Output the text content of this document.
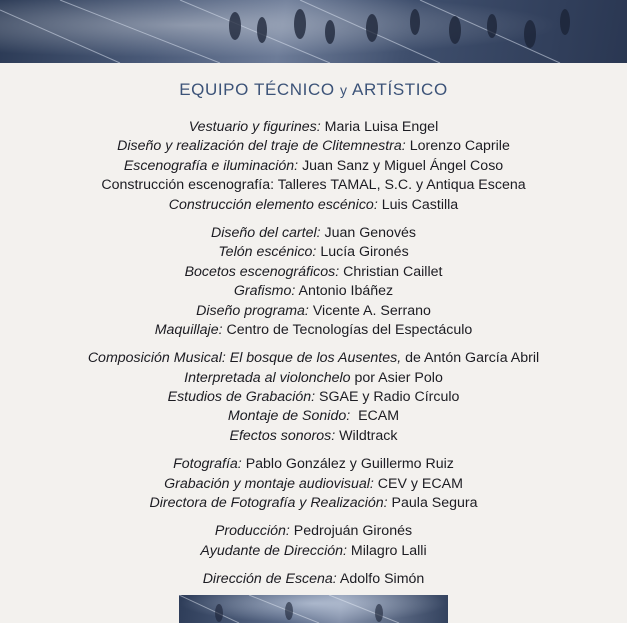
EQUIPO TÉCNICO y ARTÍSTICO
Vestuario y figurines: Maria Luisa Engel
Diseño y realización del traje de Clitemnestra: Lorenzo Caprile
Escenografía e iluminación: Juan Sanz y Miguel Ángel Coso
Construcción escenografía: Talleres TAMAL, S.C. y Antiqua Escena
Construcción elemento escénico: Luis Castilla
Diseño del cartel: Juan Genovés
Telón escénico: Lucía Gironés
Bocetos escenográficos: Christian Caillet
Grafismo: Antonio Ibáñez
Diseño programa: Vicente A. Serrano
Maquillaje: Centro de Tecnologías del Espectáculo
Composición Musical: El bosque de los Ausentes, de Antón García Abril
Interpretada al violonchelo por Asier Polo
Estudios de Grabación: SGAE y Radio Círculo
Montaje de Sonido:  ECAM
Efectos sonoros: Wildtrack
Fotografía: Pablo González y Guillermo Ruiz
Grabación y montaje audiovisual: CEV y ECAM
Directora de Fotografía y Realización: Paula Segura
Producción: Pedrojuán Gironés
Ayudante de Dirección: Milagro Lalli
Dirección de Escena: Adolfo Simón
